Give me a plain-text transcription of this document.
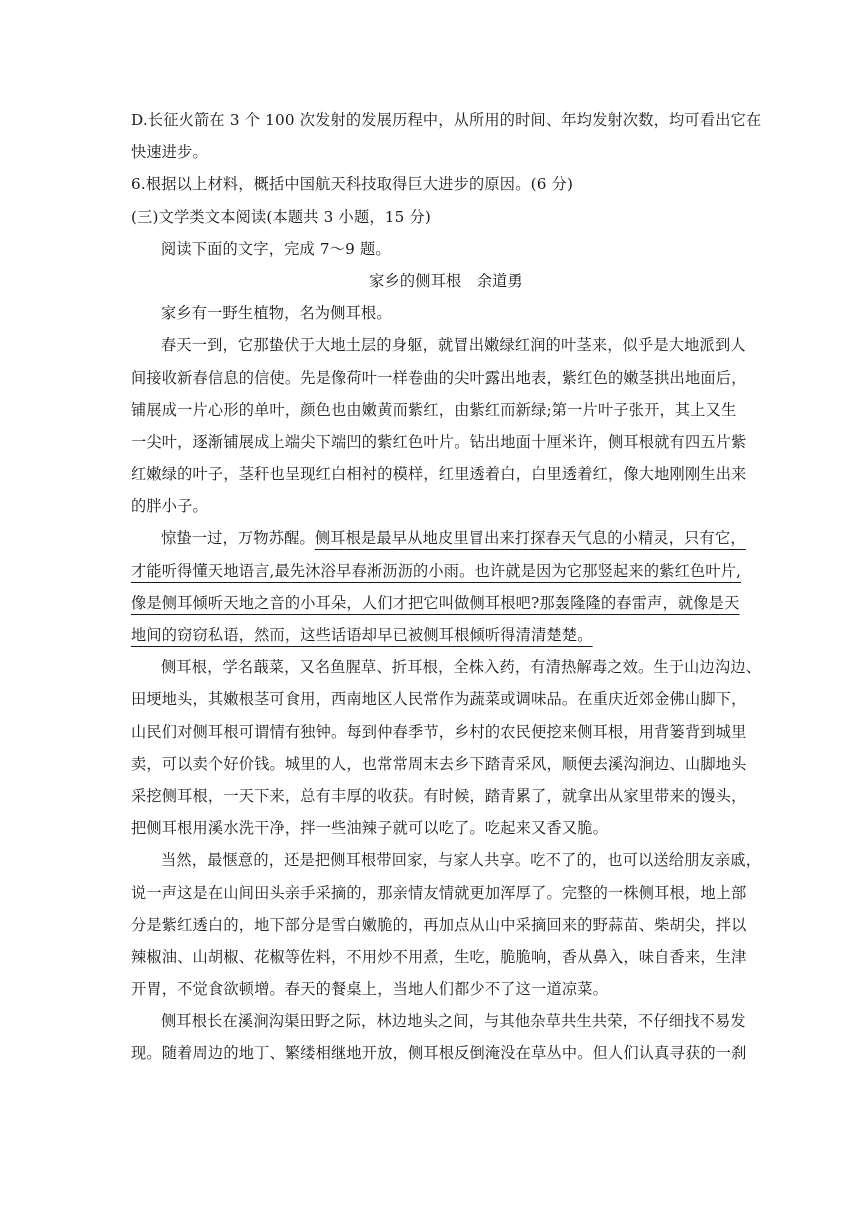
D.长征火箭在 3 个 100 次发射的发展历程中，从所用的时间、年均发射次数，均可看出它在
快速进步。
6.根据以上材料，概括中国航天科技取得巨大进步的原因。(6 分)
(三)文学类文本阅读(本题共 3 小题，15 分)
阅读下面的文字，完成 7～9 题。
家乡的侧耳根　余道勇
家乡有一野生植物，名为侧耳根。
春天一到，它那蛰伏于大地土层的身躯，就冒出嫩绿红润的叶茎来，似乎是大地派到人
间接收新春信息的信使。先是像荷叶一样卷曲的尖叶露出地表，紫红色的嫩茎拱出地面后，
铺展成一片心形的单叶，颜色也由嫩黄而紫红，由紫红而新绿;第一片叶子张开，其上又生
一尖叶，逐渐铺展成上端尖下端凹的紫红色叶片。钻出地面十厘米许，侧耳根就有四五片紫
红嫩绿的叶子，茎秆也呈现红白相衬的模样，红里透着白，白里透着红，像大地刚刚生出来
的胖小子。
惊蛰一过，万物苏醒。侧耳根是最早从地皮里冒出来打探春天气息的小精灵，只有它，
才能听得懂天地语言,最先沐浴早春淅沥沥的小雨。也许就是因为它那竖起来的紫红色叶片,
像是侧耳倾听天地之音的小耳朵，人们才把它叫做侧耳根吧?那轰隆隆的春雷声，就像是天
地间的窃窃私语，然而，这些话语却早已被侧耳根倾听得清清楚楚。
侧耳根，学名蕺菜，又名鱼腥草、折耳根，全株入药，有清热解毒之效。生于山边沟边、
田埂地头，其嫩根茎可食用，西南地区人民常作为蔬菜或调味品。在重庆近郊金佛山脚下，
山民们对侧耳根可谓情有独钟。每到仲春季节，乡村的农民便挖来侧耳根，用背篓背到城里
卖，可以卖个好价钱。城里的人，也常常周末去乡下踏青采风，顺便去溪沟涧边、山脚地头
采挖侧耳根，一天下来，总有丰厚的收获。有时候，踏青累了，就拿出从家里带来的馒头，
把侧耳根用溪水洗干净，拌一些油辣子就可以吃了。吃起来又香又脆。
当然，最惬意的，还是把侧耳根带回家，与家人共享。吃不了的，也可以送给朋友亲戚，
说一声这是在山间田头亲手采摘的，那亲情友情就更加浑厚了。完整的一株侧耳根，地上部
分是紫红透白的，地下部分是雪白嫩脆的，再加点从山中采摘回来的野蒜苗、柴胡尖，拌以
辣椒油、山胡椒、花椒等佐料，不用炒不用煮，生吃，脆脆响，香从鼻入，味自香来，生津
开胃，不觉食欲顿增。春天的餐桌上，当地人们都少不了这一道凉菜。
侧耳根长在溪涧沟渠田野之际，林边地头之间，与其他杂草共生共荣，不仔细找不易发
现。随着周边的地丁、繁缕相继地开放，侧耳根反倒淹没在草丛中。但人们认真寻获的一刹
